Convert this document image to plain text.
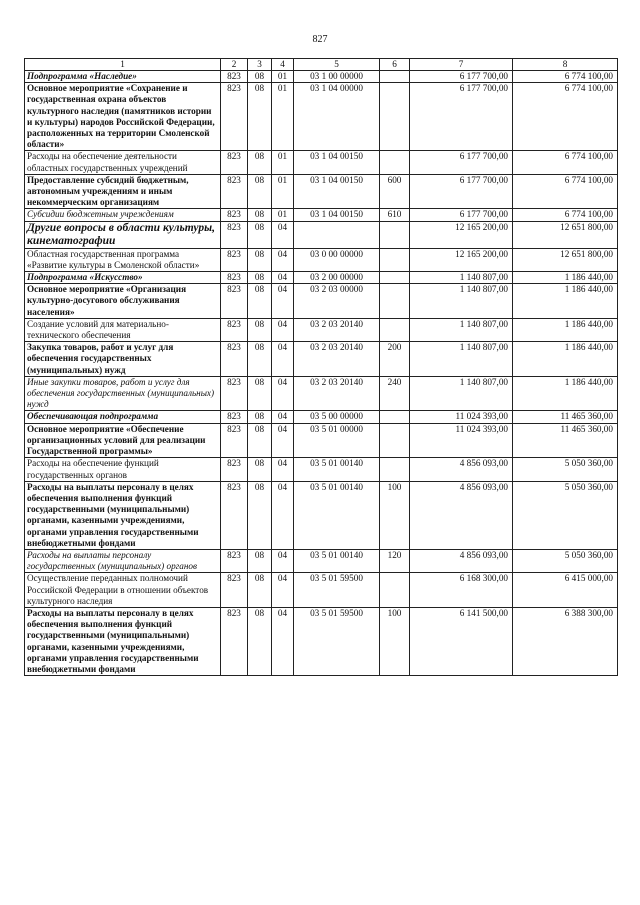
827
1	2	3	4	5	6	7	8
Подпрограмма «Наследие»	823	08	01	03 1 00 00000		6 177 700,00	6 774 100,00
Основное мероприятие «Сохранение и государственная охрана объектов культурного наследия (памятников истории и культуры) народов Российской Федерации, расположенных на территории Смоленской области»	823	08	01	03 1 04 00000		6 177 700,00	6 774 100,00
Расходы на обеспечение деятельности областных государственных учреждений	823	08	01	03 1 04 00150		6 177 700,00	6 774 100,00
Предоставление субсидий бюджетным, автономным учреждениям и иным некоммерческим организациям	823	08	01	03 1 04 00150	600	6 177 700,00	6 774 100,00
Субсидии бюджетным учреждениям	823	08	01	03 1 04 00150	610	6 177 700,00	6 774 100,00
Другие вопросы в области культуры, кинематографии	823	08	04			12 165 200,00	12 651 800,00
Областная государственная программа «Развитие культуры в Смоленской области»	823	08	04	03 0 00 00000		12 165 200,00	12 651 800,00
Подпрограмма «Искусство»	823	08	04	03 2 00 00000		1 140 807,00	1 186 440,00
Основное мероприятие «Организация культурно-досугового обслуживания населения»	823	08	04	03 2 03 00000		1 140 807,00	1 186 440,00
Создание условий для материально-технического обеспечения	823	08	04	03 2 03 20140		1 140 807,00	1 186 440,00
Закупка товаров, работ и услуг для обеспечения государственных (муниципальных) нужд	823	08	04	03 2 03 20140	200	1 140 807,00	1 186 440,00
Иные закупки товаров, работ и услуг для обеспечения государственных (муниципальных) нужд	823	08	04	03 2 03 20140	240	1 140 807,00	1 186 440,00
Обеспечивающая подпрограмма	823	08	04	03 5 00 00000		11 024 393,00	11 465 360,00
Основное мероприятие «Обеспечение организационных условий для реализации Государственной программы»	823	08	04	03 5 01 00000		11 024 393,00	11 465 360,00
Расходы на обеспечение функций государственных органов	823	08	04	03 5 01 00140		4 856 093,00	5 050 360,00
Расходы на выплаты персоналу в целях обеспечения выполнения функций государственными (муниципальными) органами, казенными учреждениями, органами управления государственными внебюджетными фондами	823	08	04	03 5 01 00140	100	4 856 093,00	5 050 360,00
Расходы на выплаты персоналу государственных (муниципальных) органов	823	08	04	03 5 01 00140	120	4 856 093,00	5 050 360,00
Осуществление переданных полномочий Российской Федерации в отношении объектов культурного наследия	823	08	04	03 5 01 59500		6 168 300,00	6 415 000,00
Расходы на выплаты персоналу в целях обеспечения выполнения функций государственными (муниципальными) органами, казенными учреждениями, органами управления государственными внебюджетными фондами	823	08	04	03 5 01 59500	100	6 141 500,00	6 388 300,00
